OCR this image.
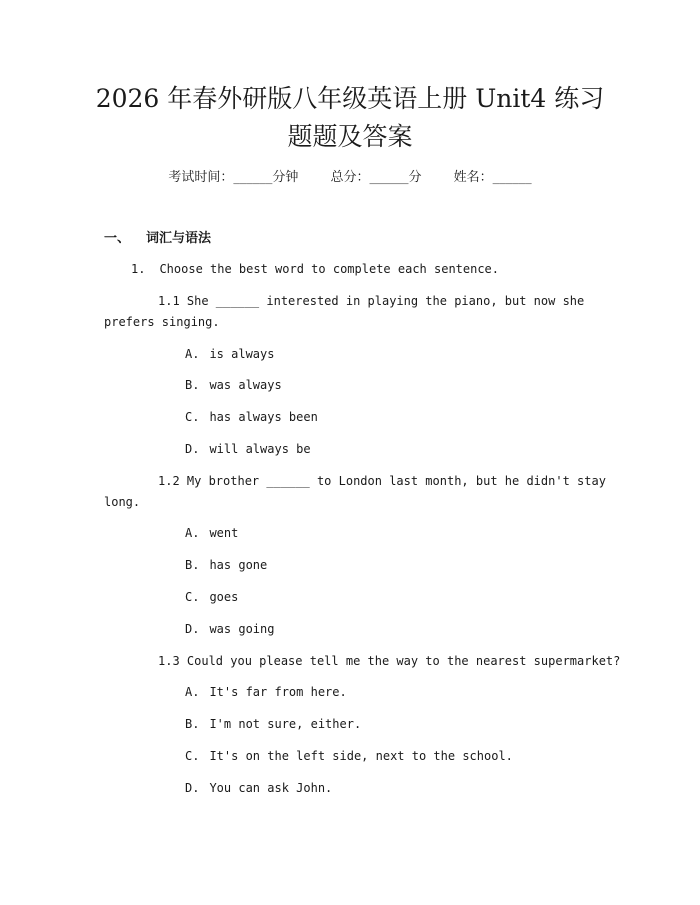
2026 年春外研版八年级英语上册 Unit4 练习
题题及答案
考试时间：______分钟 总分：______分 姓名：______
一、 词汇与语法
1. Choose the best word to complete each sentence.
1.1 She ______ interested in playing the piano, but now she
prefers singing.
A. is always
B. was always
C. has always been
D. will always be
1.2 My brother ______ to London last month, but he didn't stay
long.
A. went
B. has gone
C. goes
D. was going
1.3 Could you please tell me the way to the nearest supermarket?
A. It's far from here.
B. I'm not sure, either.
C. It's on the left side, next to the school.
D. You can ask John.
